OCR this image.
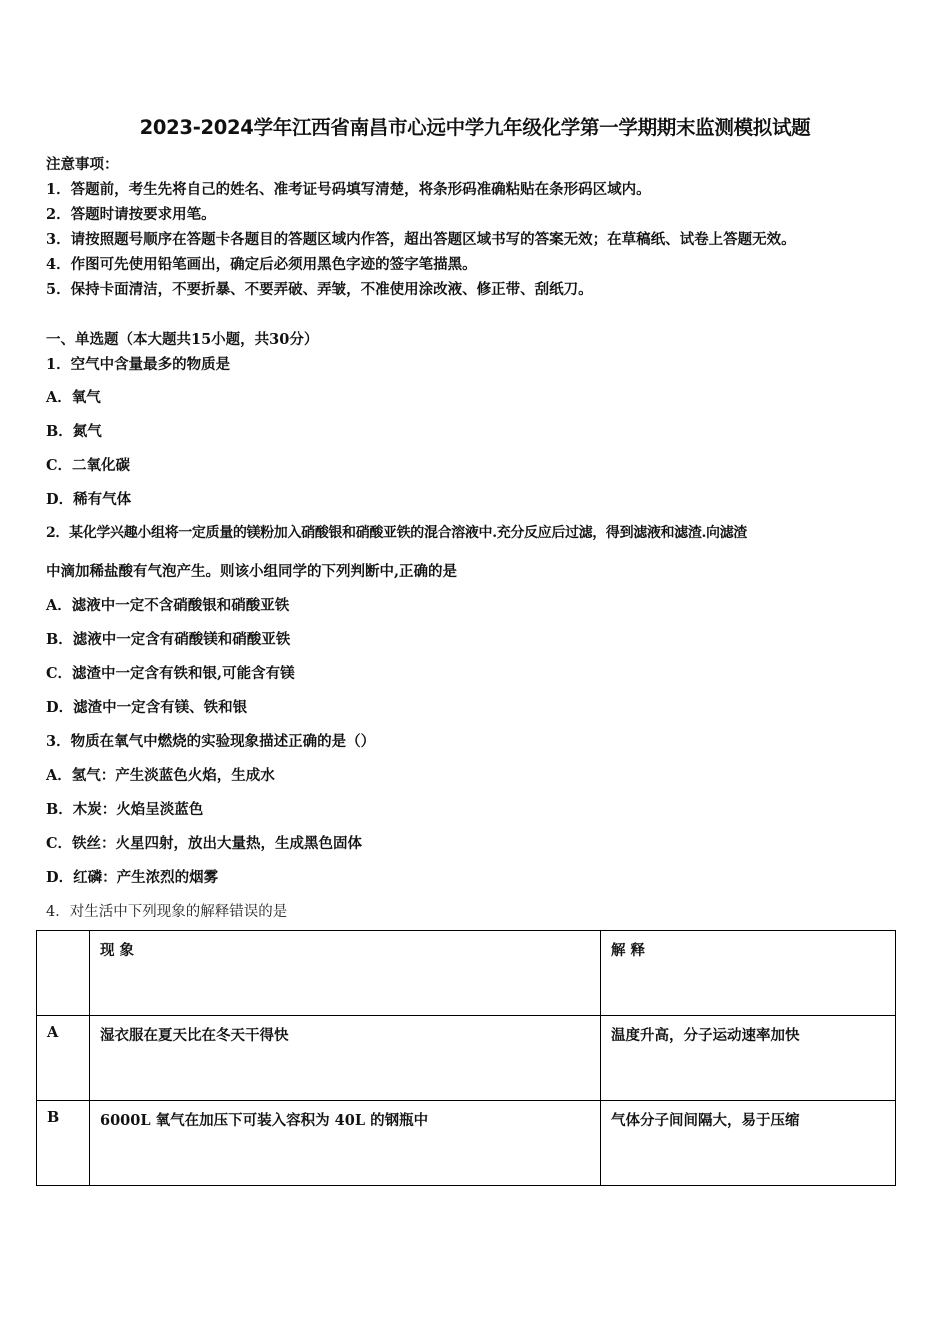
2023-2024学年江西省南昌市心远中学九年级化学第一学期期末监测模拟试题
注意事项：
1．答题前，考生先将自己的姓名、准考证号码填写清楚，将条形码准确粘贴在条形码区域内。
2．答题时请按要求用笔。
3．请按照题号顺序在答题卡各题目的答题区域内作答，超出答题区域书写的答案无效；在草稿纸、试卷上答题无效。
4．作图可先使用铅笔画出，确定后必须用黑色字迹的签字笔描黑。
5．保持卡面清洁，不要折暴、不要弄破、弄皱，不准使用涂改液、修正带、刮纸刀。
一、单选题（本大题共15小题，共30分）
1．空气中含量最多的物质是
A．氧气
B．氮气
C．二氧化碳
D．稀有气体
2．某化学兴趣小组将一定质量的镁粉加入硝酸银和硝酸亚铁的混合溶液中.充分反应后过滤，得到滤液和滤渣.向滤渣
中滴加稀盐酸有气泡产生。则该小组同学的下列判断中,正确的是
A．滤液中一定不含硝酸银和硝酸亚铁
B．滤液中一定含有硝酸镁和硝酸亚铁
C．滤渣中一定含有铁和银,可能含有镁
D．滤渣中一定含有镁、铁和银
3．物质在氧气中燃烧的实验现象描述正确的是（）
A．氢气：产生淡蓝色火焰，生成水
B．木炭：火焰呈淡蓝色
C．铁丝：火星四射，放出大量热，生成黑色固体
D．红磷：产生浓烈的烟雾
4．对生活中下列现象的解释错误的是
	现 象	解 释
A	湿衣服在夏天比在冬天干得快	温度升高，分子运动速率加快
B	6000L 氧气在加压下可装入容积为 40L 的钢瓶中	气体分子间间隔大，易于压缩
